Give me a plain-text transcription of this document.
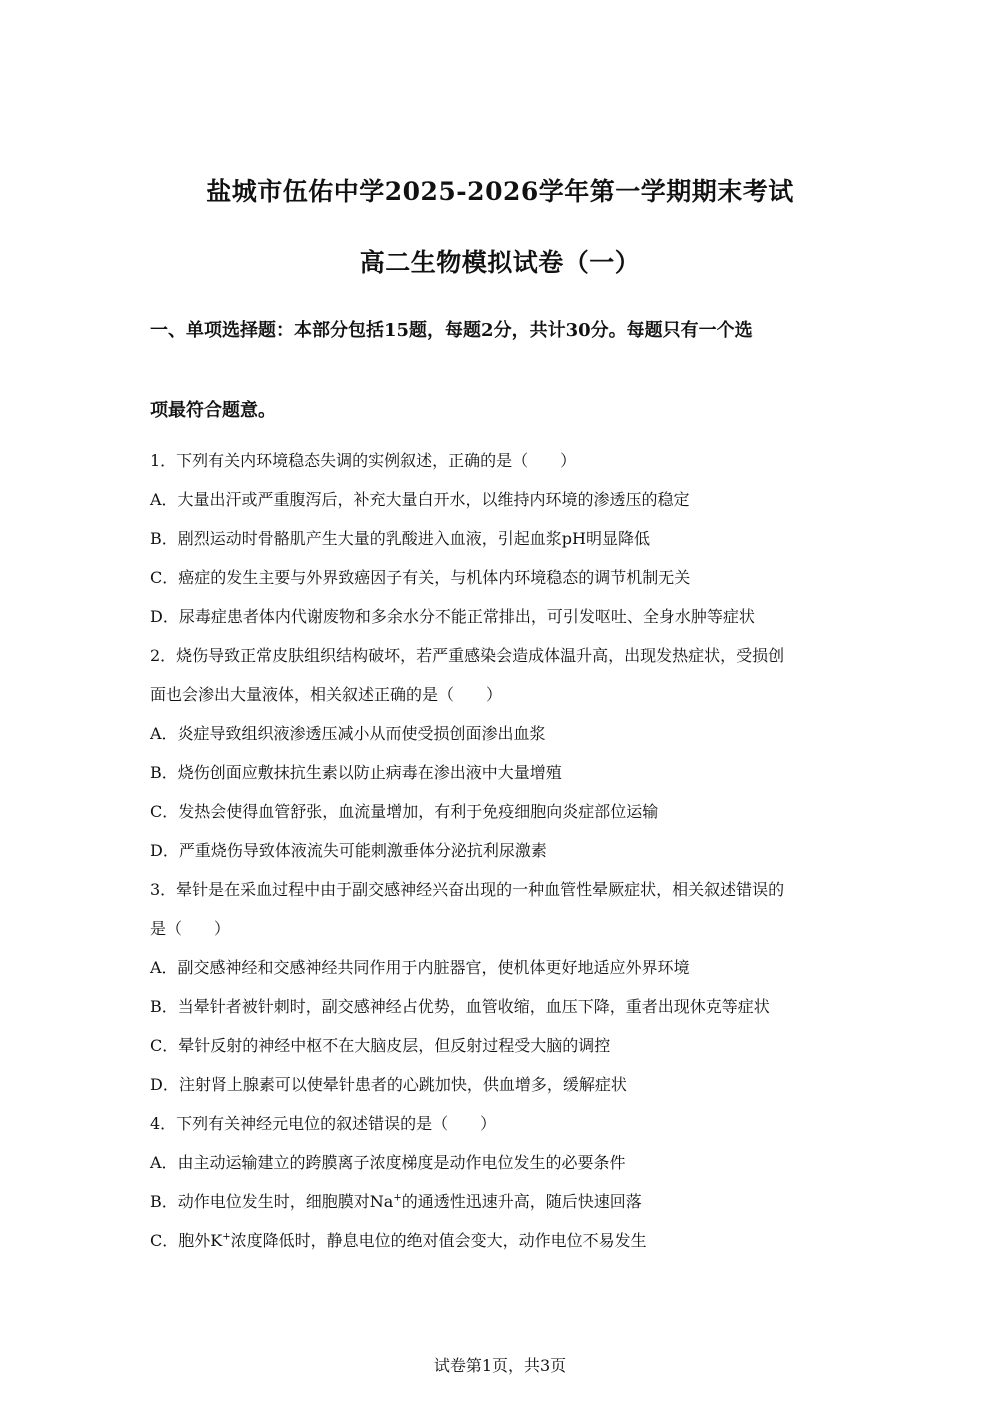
盐城市伍佑中学2025-2026学年第一学期期末考试
高二生物模拟试卷（一）
一、单项选择题：本部分包括15题，每题2分，共计30分。每题只有一个选
项最符合题意。
1．下列有关内环境稳态失调的实例叙述，正确的是（　　）
A．大量出汗或严重腹泻后，补充大量白开水，以维持内环境的渗透压的稳定
B．剧烈运动时骨骼肌产生大量的乳酸进入血液，引起血浆pH明显降低
C．癌症的发生主要与外界致癌因子有关，与机体内环境稳态的调节机制无关
D．尿毒症患者体内代谢废物和多余水分不能正常排出，可引发呕吐、全身水肿等症状
2．烧伤导致正常皮肤组织结构破坏，若严重感染会造成体温升高，出现发热症状，受损创
面也会渗出大量液体，相关叙述正确的是（　　）
A．炎症导致组织液渗透压减小从而使受损创面渗出血浆
B．烧伤创面应敷抹抗生素以防止病毒在渗出液中大量增殖
C．发热会使得血管舒张，血流量增加，有利于免疫细胞向炎症部位运输
D．严重烧伤导致体液流失可能刺激垂体分泌抗利尿激素
3．晕针是在采血过程中由于副交感神经兴奋出现的一种血管性晕厥症状，相关叙述错误的
是（　　）
A．副交感神经和交感神经共同作用于内脏器官，使机体更好地适应外界环境
B．当晕针者被针刺时，副交感神经占优势，血管收缩，血压下降，重者出现休克等症状
C．晕针反射的神经中枢不在大脑皮层，但反射过程受大脑的调控
D．注射肾上腺素可以使晕针患者的心跳加快，供血增多，缓解症状
4．下列有关神经元电位的叙述错误的是（　　）
A．由主动运输建立的跨膜离子浓度梯度是动作电位发生的必要条件
B．动作电位发生时，细胞膜对Na+的通透性迅速升高，随后快速回落
C．胞外K+浓度降低时，静息电位的绝对值会变大，动作电位不易发生
试卷第1页，共3页
